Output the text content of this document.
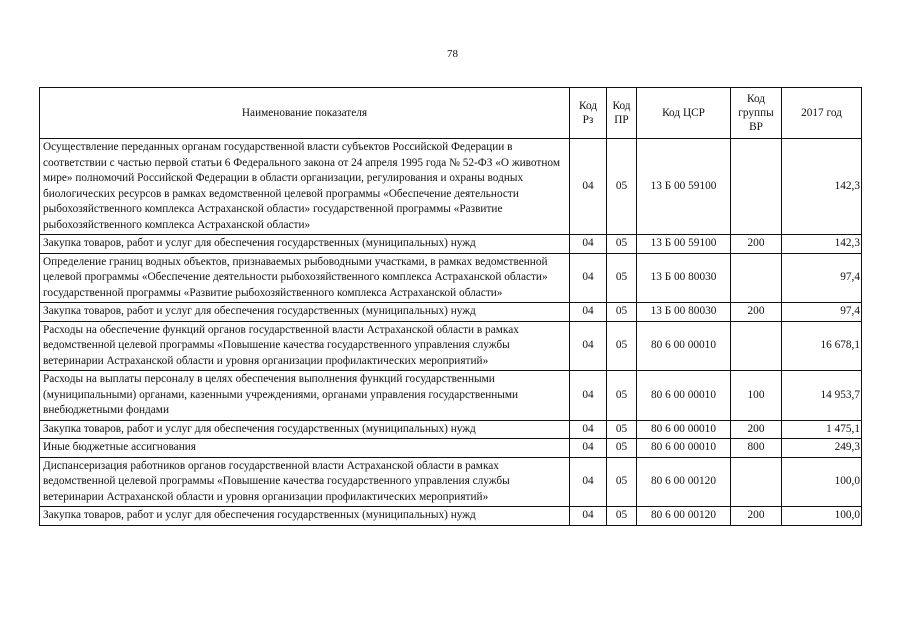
78
Наименование показателя	Код Рз	Код ПР	Код ЦСР	Код группы ВР	2017 год
Осуществление переданных органам государственной власти субъектов Российской Федерации в соответствии с частью первой статьи 6 Федерального закона от 24 апреля 1995 года № 52-ФЗ «О животном мире» полномочий Российской Федерации в области организации, регулирования и охраны водных биологических ресурсов в рамках ведомственной целевой программы «Обеспечение деятельности рыбохозяйственного комплекса Астраханской области» государственной программы «Развитие рыбохозяйственного комплекса Астраханской области»	04	05	13 Б 00 59100		142,3
Закупка товаров, работ и услуг для обеспечения государственных (муниципальных) нужд	04	05	13 Б 00 59100	200	142,3
Определение границ водных объектов, признаваемых рыбоводными участками, в рамках ведомственной целевой программы «Обеспечение деятельности рыбохозяйственного комплекса Астраханской области» государственной программы «Развитие рыбохозяйственного комплекса Астраханской области»	04	05	13 Б 00 80030		97,4
Закупка товаров, работ и услуг для обеспечения государственных (муниципальных) нужд	04	05	13 Б 00 80030	200	97,4
Расходы на обеспечение функций органов государственной власти Астраханской области в рамках ведомственной целевой программы «Повышение качества государственного управления службы ветеринарии Астраханской области и уровня организации профилактических мероприятий»	04	05	80 6 00 00010		16 678,1
Расходы на выплаты персоналу в целях обеспечения выполнения функций государственными (муниципальными) органами, казенными учреждениями, органами управления государственными внебюджетными фондами	04	05	80 6 00 00010	100	14 953,7
Закупка товаров, работ и услуг для обеспечения государственных (муниципальных) нужд	04	05	80 6 00 00010	200	1 475,1
Иные бюджетные ассигнования	04	05	80 6 00 00010	800	249,3
Диспансеризация работников органов государственной власти Астраханской области в рамках ведомственной целевой программы «Повышение качества государственного управления службы ветеринарии Астраханской области и уровня организации профилактических мероприятий»	04	05	80 6 00 00120		100,0
Закупка товаров, работ и услуг для обеспечения государственных (муниципальных) нужд	04	05	80 6 00 00120	200	100,0
